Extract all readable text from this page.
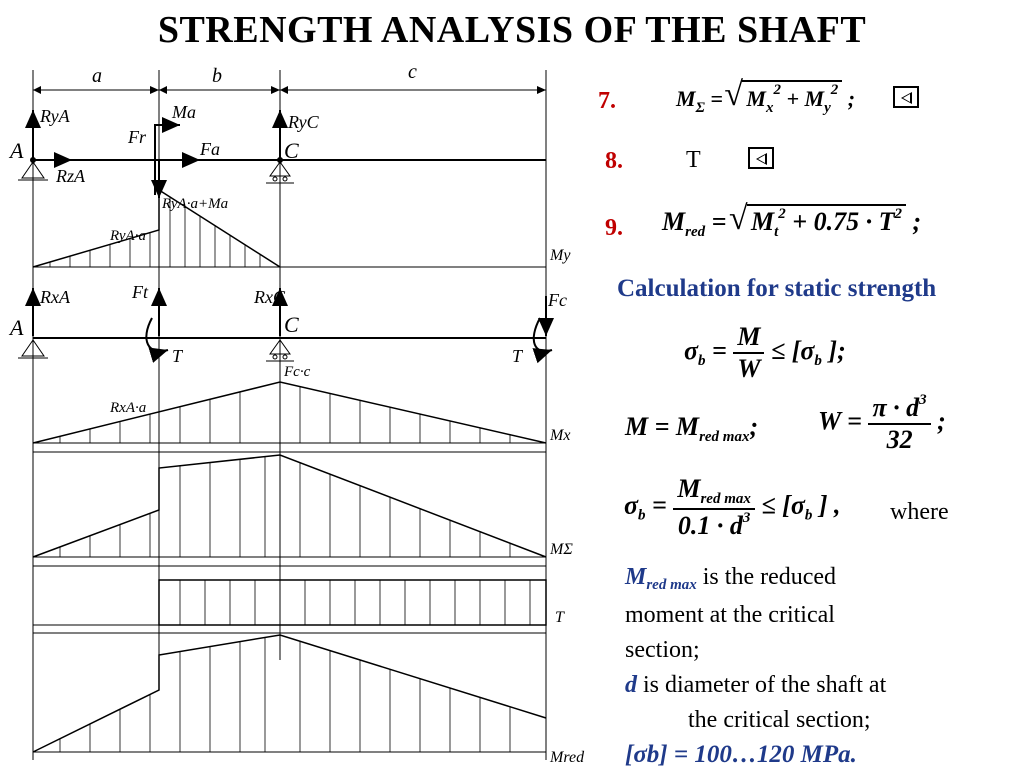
STRENGTH ANALYSIS OF THE SHAFT
a	b	c
RyA
A
RzA
Ma
Fr
Fa
RyC
C
RyA·a+Ma
RyA·a
My
RxA
A
Ft	RxC
C
Fc
T	T
Fc·c
RxA·a
Mx
MΣ
T
Mred
7.	$M_\Sigma$ = √ $M_x^2 + M_y^2$ ;
8.	T
9. $M_{red}$ = √ $M_t^2 + 0.75 \cdot T^2$ ;
Calculation for static strength
$\sigma_b = \frac{M}{W} \le [\sigma_b$ ];
$M = M_{red max}$; $W = \frac{\pi \cdot d^3}{32}$ ;
$\sigma_b = \frac{M_{red max}}{0.1 \cdot d^3} \le [\sigma_b$ ] , where
$M_{red max}$ is the reduced
moment at the critical
section;
d is diameter of the shaft at
the critical section;
[σb] = 100…120 MPa.
